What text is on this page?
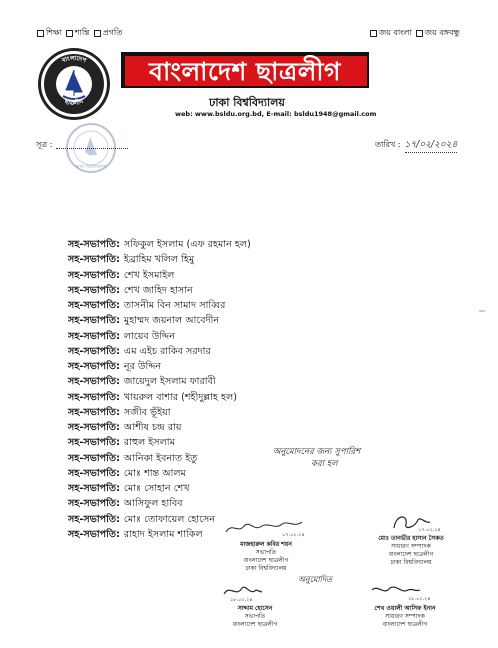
শিক্ষা শান্তি প্রগতি	জয় বাংলা জয় বঙ্গবন্ধু
বাংলাদেশ
ছাত্রলীগ
বাংলাদেশ ছাত্রলীগ
ঢাকা বিশ্ববিদ্যালয়
web: www.bsldu.org.bd, E-mail: bsldu1948@gmail.com
ঢাকা বিশ্ববিদ্যালয়
সূত্র :	তারিখ : ১৭/০২/২০২৪
সহ-সভাপতি: সফিকুল ইসলাম (এফ রহমান হল)
সহ-সভাপতি: ইব্রাহিম খলিল হিমু
সহ-সভাপতি: শেখ ইসমাইল
সহ-সভাপতি: শেখ জাহিদ হাসান
সহ-সভাপতি: তাসনীম বিন সামাদ সাব্বির
সহ-সভাপতি: মুহাম্মদ জয়নাল আবেদীন
সহ-সভাপতি: লায়েব উদ্দিন
সহ-সভাপতি: এম এইচ রাকিব সরদার
সহ-সভাপতি: নূর উদ্দিন
সহ-সভাপতি: জায়েদুল ইসলাম ফারাবী
সহ-সভাপতি: খায়রুল বাশার (শহীদুল্লাহ হল)
সহ-সভাপতি: সজীব ভূঁইয়া
সহ-সভাপতি: আশীষ চন্দ্র রায়
সহ-সভাপতি: রাহুল ইসলাম
সহ-সভাপতি: আনিকা ইবনাত ইতু
সহ-সভাপতি: মোঃ শান্ত আলম
সহ-সভাপতি: মোঃ সোহান শেখ
সহ-সভাপতি: আসিফুল হাবিব
সহ-সভাপতি: মোঃ তোফায়েল হোসেন
সহ-সভাপতি: রাহাদ ইসলাম শাকিল
অনুমোদনের জন্য সুপারিশ
করা হল
১৭.০২.২৪
মাজহারুল কবির শয়ন
সভাপতি
বাংলাদেশ ছাত্রলীগ
ঢাকা বিশ্ববিদ্যালয়
১৭.০২.২৪
মোঃ তানভীর হাসান সৈকত
সাধারণ সম্পাদক
বাংলাদেশ ছাত্রলীগ
ঢাকা বিশ্ববিদ্যালয়
অনুমোদিত
১৮.০২.২৪
সাদ্দাম হোসেন
সভাপতি
বাংলাদেশ ছাত্রলীগ
১৮.০২.২৪
শেখ ওয়ালী আসিফ ইনান
সাধারণ সম্পাদক
বাংলাদেশ ছাত্রলীগ
